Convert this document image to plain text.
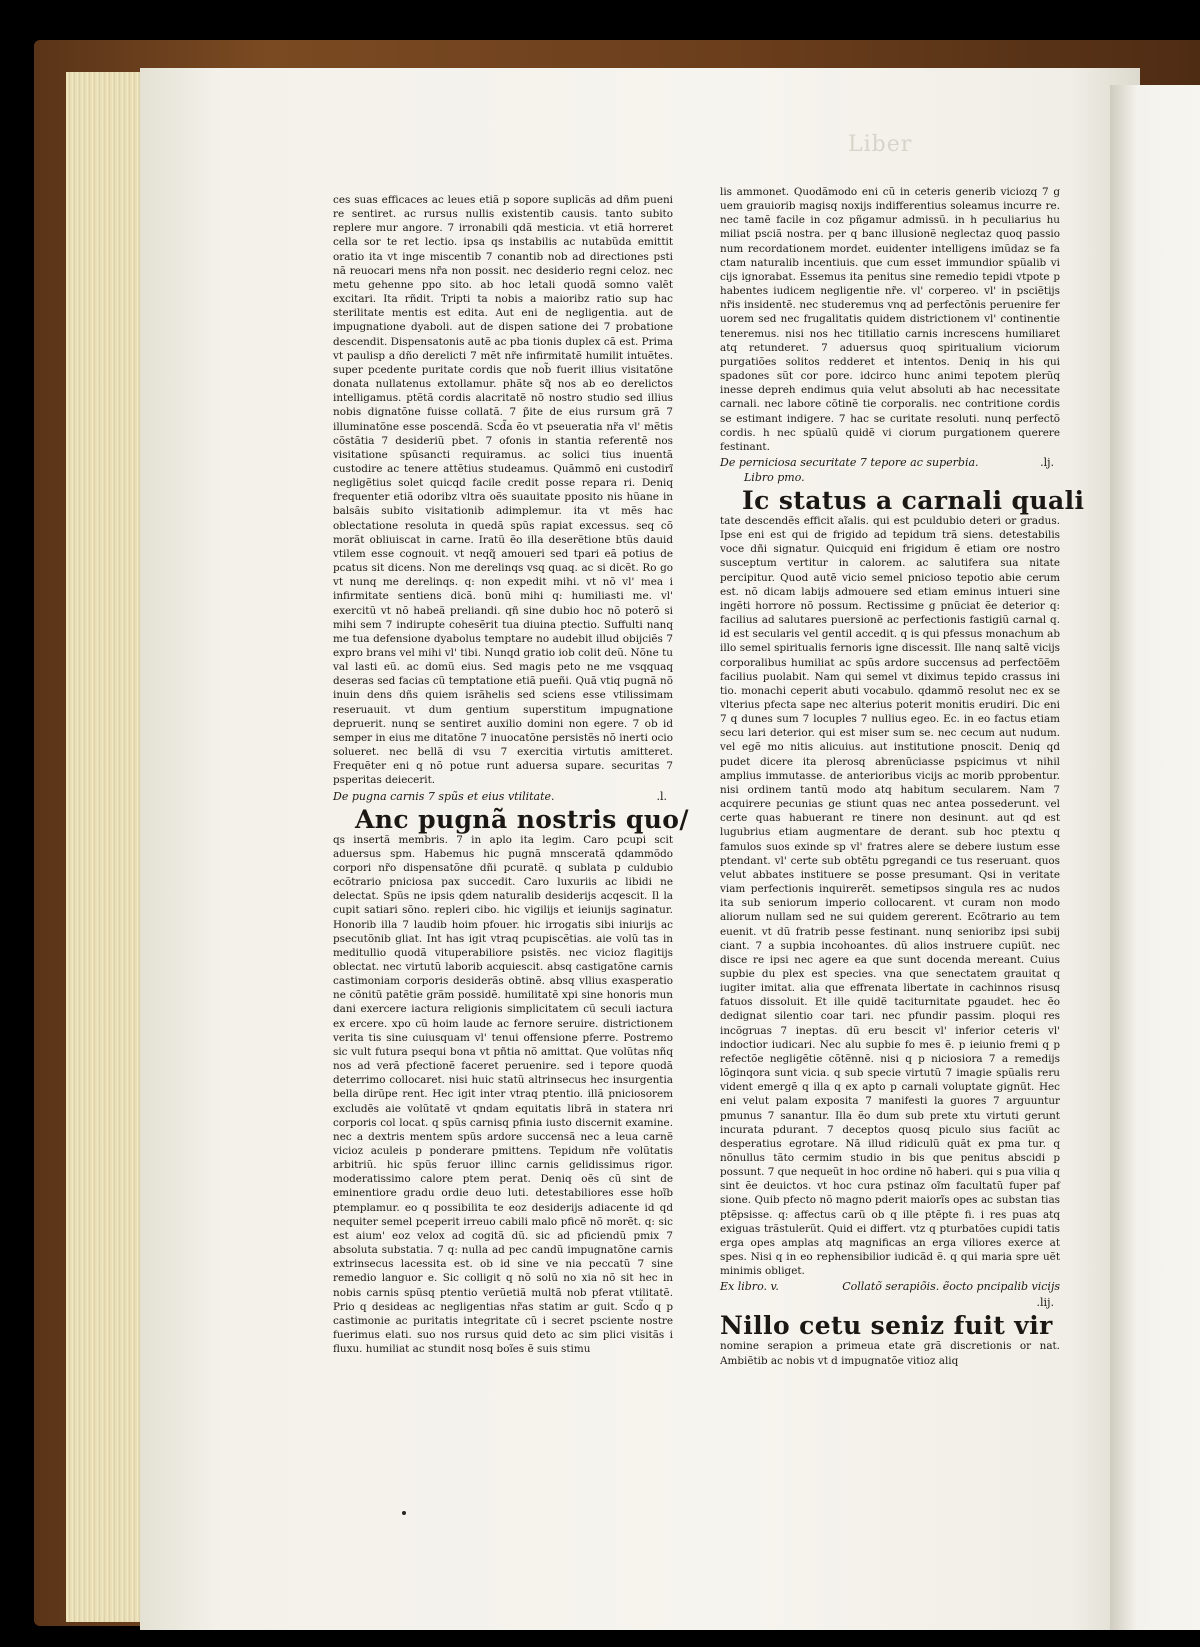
Liber

ces suas efficaces ac leues etiã p sopore suplicãs ad dñm pueni re sentiret. ac rursus nullis existentib causis. tanto subito replere mur angore. 7 irronabili qdã mesticia. vt etiã horreret cella sor te ret lectio. ipsa qs instabilis ac nutabũda emittit oratio ita vt inge miscentib 7 conantib nob ad directiones psti nã reuocari mens nr̃a non possit. nec desiderio regni celoz. nec metu gehenne ppo sito. ab hoc letali quodã somno valẽt excitari. Ita rñdit. Tripti ta nobis a maioribz ratio sup hac sterilitate mentis est edita. Aut eni de negligentia. aut de impugnatione dyaboli. aut de dispen satione dei 7 probatione descendit. Dispensatonis autẽ ac pba tionis duplex cã est. Prima vt paulisp a dño derelicti 7 mẽt nr̃e infirmitatẽ humilit intuẽtes. super pcedente puritate cordis que nob̃ fuerit illius visitatõne donata nullatenus extollamur. phãte sq̃ nos ab eo derelictos intelligamus. ptẽtã cordis alacritatẽ nõ nostro studio sed illius nobis dignatõne fuisse collatã. 7 p̃ite de eius rursum grã 7 illuminatõne esse poscendã. Scd̃a ẽo vt pseueratia nr̃a vl' mẽtis cõstãtia 7 desideriũ pbet. 7 ofonis in stantia referentẽ nos visitatione spũsancti requiramus. ac solici tius inuentã custodire ac tenere attẽtius studeamus. Quãmmõ eni custodirĩ negligẽtius solet quicqd facile credit posse repara ri. Deniq frequenter etiã odoribz vltra oẽs suauitate pposito nis hũane in balsãis subito visitationib adimplemur. ita vt mẽs hac oblectatione resoluta in quedã spũs rapiat excessus. seq cõ morãt obliuiscat in carne. Iratũ ẽo illa deserẽtione btũs dauid vtilem esse cognouit. vt neqq̃ amoueri sed tpari eã potius de pcatus sit dicens. Non me derelinqs vsq quaq. ac si dicẽt. Ro go vt nunq me derelinqs. q: non expedit mihi. vt nõ vl' mea i infirmitate sentiens dicã. bonũ mihi q: humiliasti me. vl' exercitũ vt nõ habeã preliandi. qñ sine dubio hoc nõ poterõ si mihi sem 7 indirupte cohesẽrit tua diuina ptectio. Suffulti nanq me tua defensione dyabolus temptare no audebit illud obijciẽs 7 expro brans vel mihi vl' tibi. Nunqd gratio iob colit deũ. Nõne tu val lasti eũ. ac domũ eius. Sed magis peto ne me vsqquaq deseras sed facias cũ temptatione etiã pueñi. Quã vtiq pugnã nõ inuin dens dñs quiem isrãhelis sed sciens esse vtilissimam reseruauit. vt dum gentium superstitum impugnatione depruerit. nunq se sentiret auxilio domini non egere. 7 ob id semper in eius me ditatõne 7 inuocatõne persistẽs nõ inerti ocio solueret. nec bellã di vsu 7 exercitia virtutis amitteret. Frequẽter eni q nõ potue runt aduersa supare. securitas 7 psperitas deiecerit.

De pugna carnis 7 spũs et eius vtilitate.	.l.
Anc pugnã nostris quo/

qs insertã membris. 7 in aplo ita legim. Caro pcupi scit aduersus spm. Habemus hic pugnã mnsceratã qdammõdo corpori nr̃o dispensatõne dñi pcuratẽ. q sublata p culdubio ecõtrario pniciosa pax succedit. Caro luxuriis ac libidi ne delectat. Spũs ne ipsis qdem naturalib desiderijs acqescit. Il la cupit satiari sõno. repleri cibo. hic vigilijs et ieiunijs saginatur. Honorib illa 7 laudib hoim pfouer. hic irrogatis sibi iniurijs ac psecutõnib gliat. Int has igit vtraq pcupiscẽtias. aie volũ tas in meditullio quodã vituperabiliore psistẽs. nec vicioz flagitijs oblectat. nec virtutũ laborib acquiescit. absq castigatõne carnis castimoniam corporis desiderãs obtinẽ. absq vllius exasperatio ne cõnitũ patẽtie grãm possidẽ. humilitatẽ xpi sine honoris mun dani exercere iactura religionis simplicitatem cũ seculi iactura ex ercere. xpo cũ hoim laude ac fernore seruire. districtionem verita tis sine cuiusquam vl' tenui offensione pferre. Postremo sic vult futura psequi bona vt pñtia nõ amittat. Que volũtas nñq nos ad verã pfectionẽ faceret peruenire. sed i tepore quodã deterrimo collocaret. nisi huic statũ altrinsecus hec insurgentia bella dirũpe rent. Hec igit inter vtraq ptentio. illã pniciosorem excludẽs aie volũtatẽ vt qndam equitatis librã in statera nri corporis col locat. q spũs carnisq pfinia iusto discernit examine. nec a dextris mentem spũs ardore succensã nec a leua carnẽ vicioz aculeis p ponderare pmittens. Tepidum nr̃e volũtatis arbitriũ. hic spũs feruor illinc carnis gelidissimus rigor. moderatissimo calore ptem perat. Deniq oẽs cũ sint de eminentiore gradu ordie deuo luti. detestabiliores esse hoĩb ptemplamur. eo q possibilita te eoz desiderijs adiacente id qd nequiter semel pceperit irreuo cabili malo pficẽ nõ morẽt. q: sic est aium' eoz velox ad cogitã dũ. sic ad pficiendũ pmix 7 absoluta substatia. 7 q: nulla ad pec candũ impugnatõne carnis extrinsecus lacessita est. ob id sine ve nia peccatũ 7 sine remedio languor e. Sic colligit q nõ solũ no xia nõ sit hec in nobis carnis spũsq ptentio verũetiã multã nob pferat vtilitatẽ. Prio q desideas ac negligentias nr̃as statim ar guit. Scd̃o q p castimonie ac puritatis integritate cũ i secret psciente nostre fuerimus elati. suo nos rursus quid deto ac sim plici visitãs i fluxu. humiliat ac stundit nosq boĩes ẽ suis stimu

lis ammonet. Quodãmodo eni cũ in ceteris generib viciozq 7 g uem grauiorib magisq noxijs indifferentius soleamus incurre re. nec tamẽ facile in coz pñgamur admissũ. in h peculiarius hu miliat psciã nostra. per q banc illusionẽ neglectaz quoq passio num recordationem mordet. euidenter intelligens imũdaz se fa ctam naturalib incentiuis. que cum esset immundior spũalib vi cijs ignorabat. Essemus ita penitus sine remedio tepidi vtpote p habentes iudicem negligentie nr̃e. vl' corpereo. vl' in psciẽtijs nr̃is insidentẽ. nec studeremus vnq ad perfectõnis peruenire fer uorem sed nec frugalitatis quidem districtionem vl' continentie teneremus. nisi nos hec titillatio carnis increscens humiliaret atq retunderet. 7 aduersus quoq spiritualium viciorum purgatiões solitos redderet et intentos. Deniq in his qui spadones sũt cor pore. idcirco hunc animi tepotem plerũq inesse depreh endimus quia velut absoluti ab hac necessitate carnali. nec labore cõtinẽ tie corporalis. nec contritione cordis se estimant indigere. 7 hac se curitate resoluti. nunq perfectõ cordis. h nec spũalũ quidẽ vi ciorum purgationem querere festinant.

De perniciosa securitate 7 tepore ac superbia.	.lj.
Libro pmo.
Ic status a carnali quali

tate descendẽs efficit aĩalis. qui est pculdubio deteri or gradus. Ipse eni est qui de frigido ad tepidum trã siens. detestabilis voce dñi signatur. Quicquid eni frigidum ẽ etiam ore nostro susceptum vertitur in calorem. ac salutifera sua nitate percipitur. Quod autẽ vicio semel pnicioso tepotio abie cerum est. nõ dicam labijs admouere sed etiam eminus intueri sine ingẽti horrore nõ possum. Rectissime g pnũciat ẽe deterior q: facilius ad salutares puersionẽ ac perfectionis fastigiũ carnal q. id est secularis vel gentil accedit. q is qui pfessus monachum ab illo semel spiritualis fernoris igne discessit. Ille nanq saltẽ vicijs corporalibus humiliat ac spũs ardore succensus ad perfectõẽm facilius puolabit. Nam qui semel vt diximus tepido crassus ini tio. monachi ceperit abuti vocabulo. qdammõ resolut nec ex se vlterius pfecta sape nec alterius poterit monitis erudiri. Dic eni 7 q dunes sum 7 locuples 7 nullius egeo. Ec. in eo factus etiam secu lari deterior. qui est miser sum se. nec cecum aut nudum. vel egẽ mo nitis alicuius. aut institutione pnoscit. Deniq qd pudet dicere ita plerosq abrenũciasse pspicimus vt nihil amplius immutasse. de anterioribus vicijs ac morib pprobentur. nisi ordinem tantũ modo atq habitum secularem. Nam 7 acquirere pecunias ge stiunt quas nec antea possederunt. vel certe quas habuerant re tinere non desinunt. aut qd est lugubrius etiam augmentare de derant. sub hoc ptextu q famulos suos exinde sp vl' fratres alere se debere iustum esse ptendant. vl' certe sub obtẽtu pgregandi ce tus reseruant. quos velut abbates instituere se posse presumant. Qsi in veritate viam perfectionis inquirerẽt. semetipsos singula res ac nudos ita sub seniorum imperio collocarent. vt curam non modo aliorum nullam sed ne sui quidem gererent. Ecõtrario au tem euenit. vt dũ fratrib pesse festinant. nunq senioribz ipsi subij ciant. 7 a supbia incohoantes. dũ alios instruere cupiũt. nec disce re ipsi nec agere ea que sunt docenda mereant. Cuius supbie du plex est species. vna que senectatem grauitat q iugiter imitat. alia que effrenata libertate in cachinnos risusq fatuos dissoluit. Et ille quidẽ taciturnitate pgaudet. hec ẽo dedignat silentio coar tari. nec pfundir passim. ploqui res incõgruas 7 ineptas. dũ eru bescit vl' inferior ceteris vl' indoctior iudicari. Nec alu supbie fo mes ẽ. p ieiunio fremi q p refectõe negligẽtie cõtẽnnẽ. nisi q p niciosiora 7 a remedijs lõginqora sunt vicia. q sub specie virtutũ 7 imagie spũalis reru vident emergẽ q illa q ex apto p carnali voluptate gignũt. Hec eni velut palam exposita 7 manifesti la guores 7 arguuntur pmunus 7 sanantur. Illa ẽo dum sub prete xtu virtuti gerunt incurata pdurant. 7 deceptos quosq piculo sius faciũt ac desperatius egrotare. Nã illud ridiculũ quãt ex pma tur. q nõnullus tãto cermim studio in bis que penitus abscidi p possunt. 7 que nequeũt in hoc ordine nõ haberi. qui s pua vilia q sint ẽe deuictos. vt hoc cura pstinaz oĩm facultatũ fuper paf sione. Quib pfecto nõ magno pderit maiorĩs opes ac substan tias ptẽpsisse. q: affectus carũ ob q ille ptẽpte fi. i res puas atq exiguas trãstulerũt. Quid ei differt. vtz q pturbatões cupidi tatis erga opes amplas atq magnificas an erga viliores exerce at spes. Nisi q in eo rephensibilior iudicãd ẽ. q qui maria spre uẽt minimis obliget.

Ex libro. v.	Collatõ serapiõis. ẽocto pncipalib vicijs
.lij.
Nillo cetu seniz fuit vir

nomine serapion a primeua etate grã discretionis or nat. Ambiẽtib ac nobis vt d impugnatõe vitioz aliq
